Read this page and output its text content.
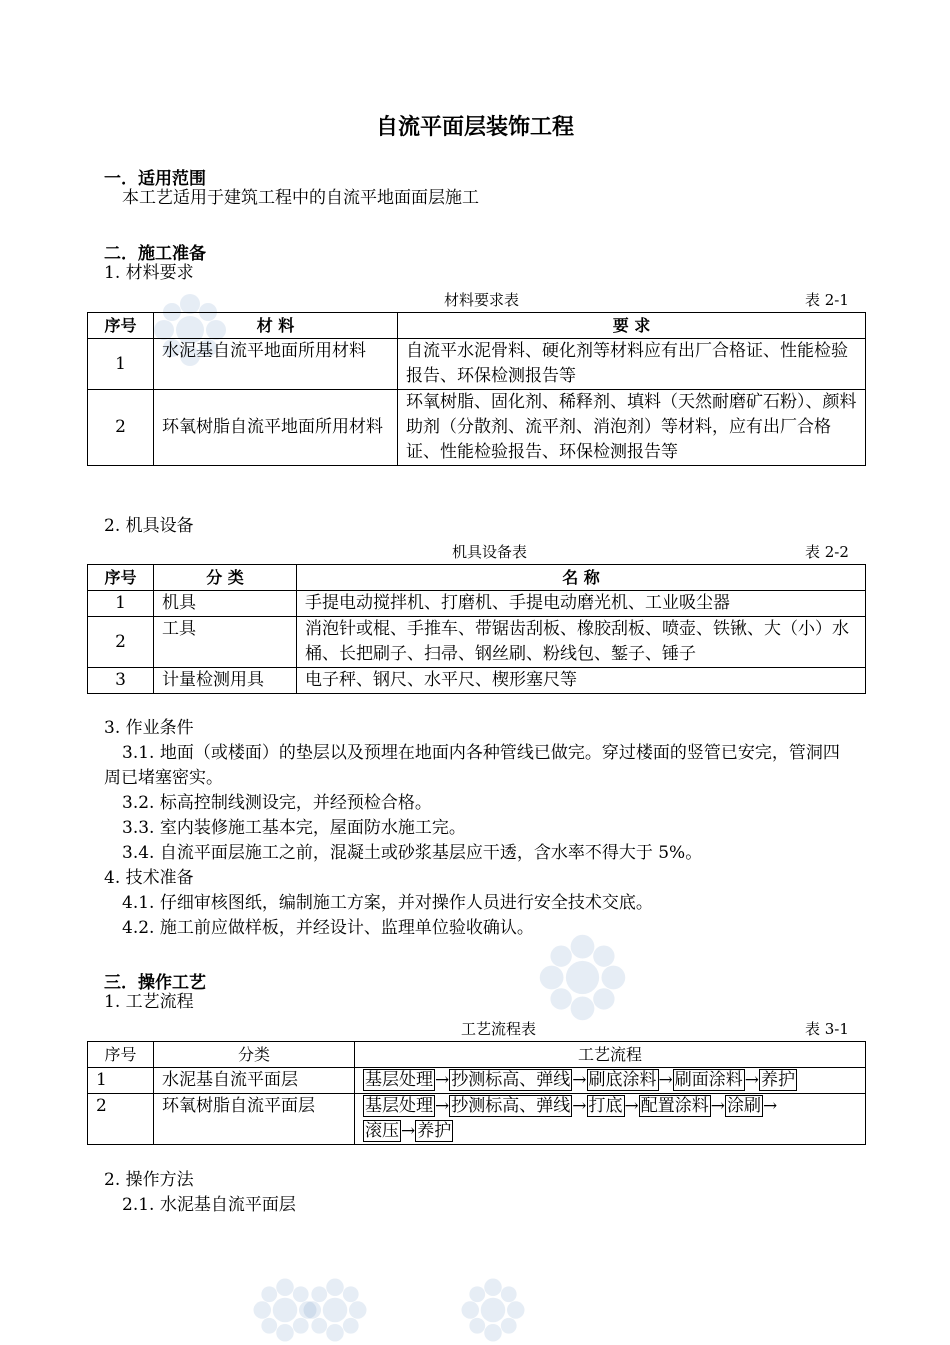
自流平面层装饰工程
一．适用范围
本工艺适用于建筑工程中的自流平地面面层施工
二．施工准备
1. 材料要求
材料要求表	表 2-1
序号	材 料	要 求
1	水泥基自流平地面所用材料	自流平水泥骨料、硬化剂等材料应有出厂合格证、性能检验报告、环保检测报告等
2	环氧树脂自流平地面所用材料	环氧树脂、固化剂、稀释剂、填料（天然耐磨矿石粉）、颜料助剂（分散剂、流平剂、消泡剂）等材料，应有出厂合格证、性能检验报告、环保检测报告等
2. 机具设备
机具设备表	表 2-2
序号	分 类	名 称
1	机具	手提电动搅拌机、打磨机、手提电动磨光机、工业吸尘器
2	工具	消泡针或棍、手推车、带锯齿刮板、橡胶刮板、喷壶、铁锹、大（小）水桶、长把刷子、扫帚、钢丝刷、粉线包、錾子、锤子
3	计量检测用具	电子秤、钢尺、水平尺、楔形塞尺等
3. 作业条件
3.1. 地面（或楼面）的垫层以及预埋在地面内各种管线已做完。穿过楼面的竖管已安完，管洞四周已堵塞密实。
3.2. 标高控制线测设完，并经预检合格。
3.3. 室内装修施工基本完，屋面防水施工完。
3.4. 自流平面层施工之前，混凝土或砂浆基层应干透，含水率不得大于 5%。
4. 技术准备
4.1. 仔细审核图纸，编制施工方案，并对操作人员进行安全技术交底。
4.2. 施工前应做样板，并经设计、监理单位验收确认。
三．操作工艺
1. 工艺流程
工艺流程表	表 3-1
序号	分类	工艺流程
1	水泥基自流平面层	基层处理 → 抄测标高、弹线 → 刷底涂料 → 刷面涂料 → 养护
2	环氧树脂自流平面层	基层处理 → 抄测标高、弹线 → 打底 → 配置涂料 → 涂刷 →
滚压 → 养护
2. 操作方法
2.1. 水泥基自流平面层
